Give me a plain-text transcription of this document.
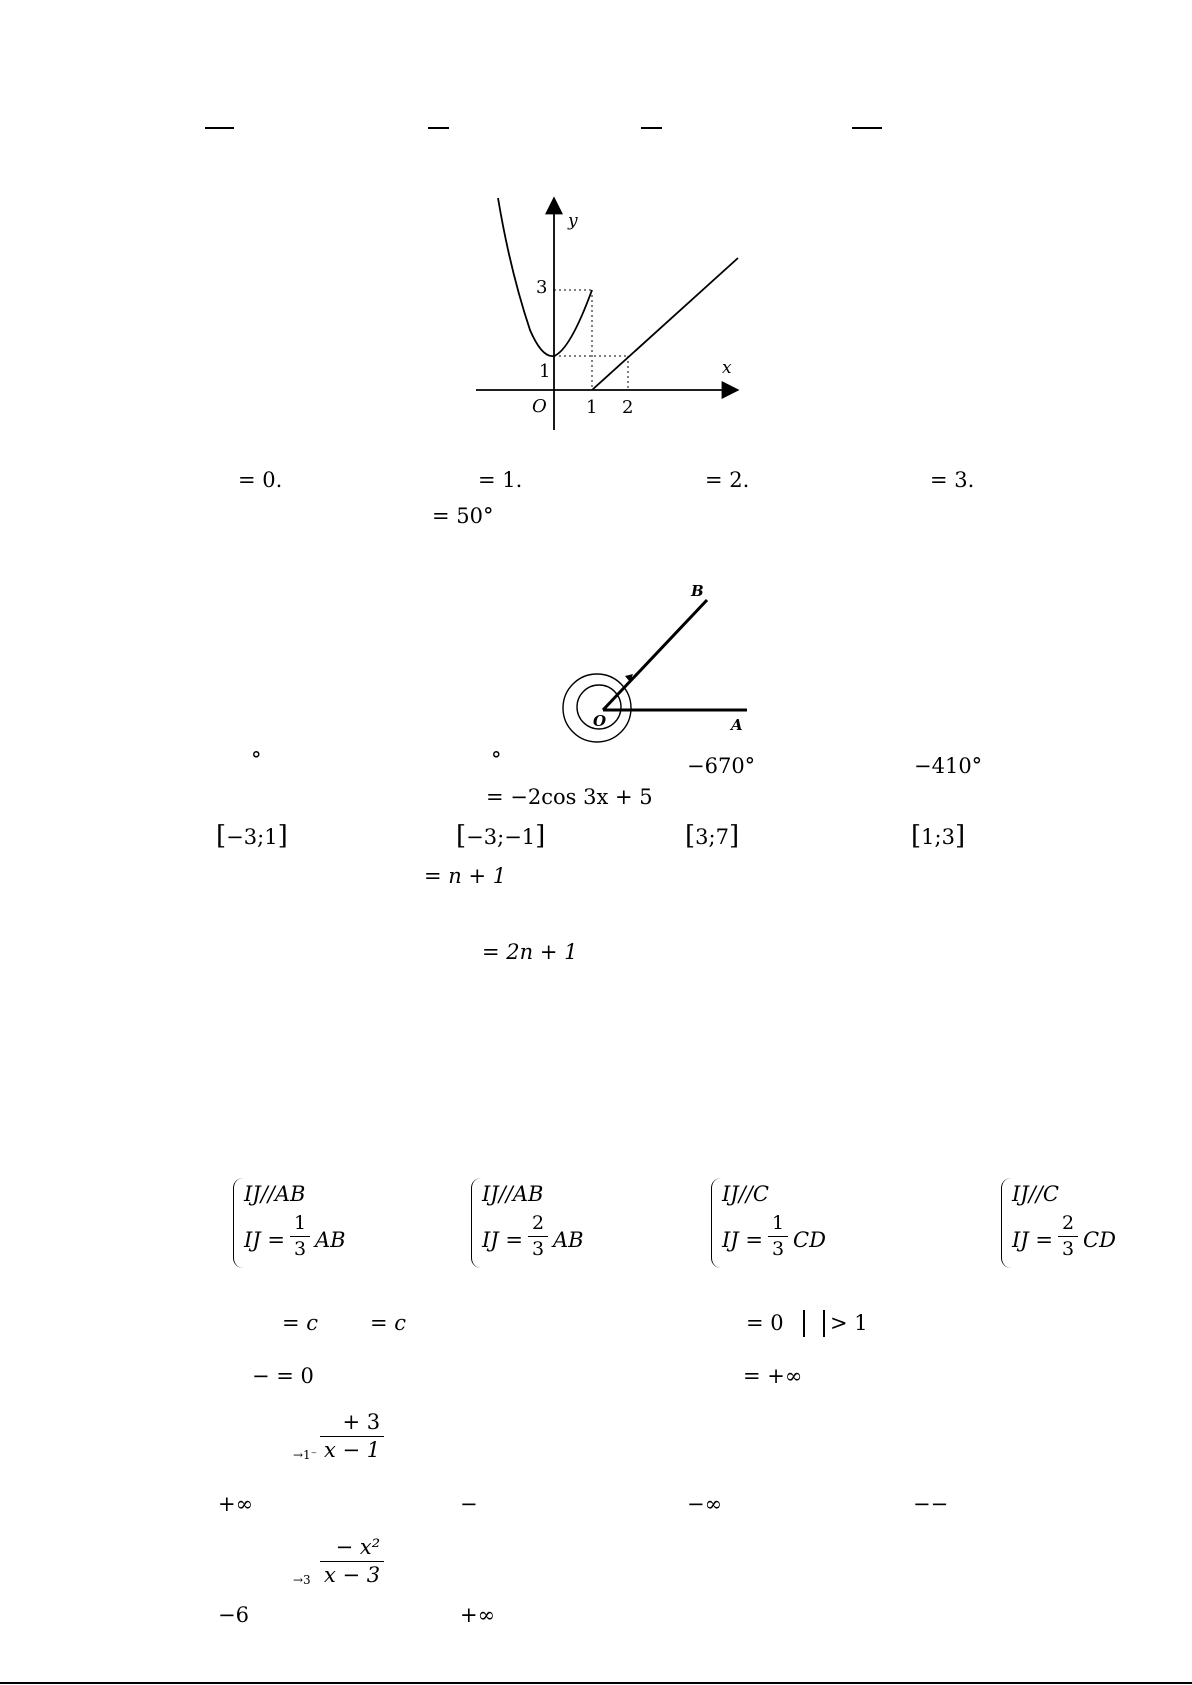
y
x
O
3
1
1 2
= 0.	= 1.	= 2.	= 3.
= 50°
B
A
O
°	°	−670°	−410°
= −2cos 3x + 5
[−3;1]	[−3;−1]	[3;7]	[1;3]
= n + 1
= 2n + 1
IJ//AB
IJ = $\frac{1}{3}$ AB
IJ//AB
IJ = $\frac{2}{3}$ AB
IJ//C
IJ = $\frac{1}{3}$ CD
IJ//C
IJ = $\frac{2}{3}$ CD
= c = c	= 0 > 1
− = 0	= +∞
$\to 1^- \frac{+ 3}{x - 1}$
+∞	−	−∞	−−
$\to 3 \frac{\text{− x²}}{x - 3}$
−6	+∞
